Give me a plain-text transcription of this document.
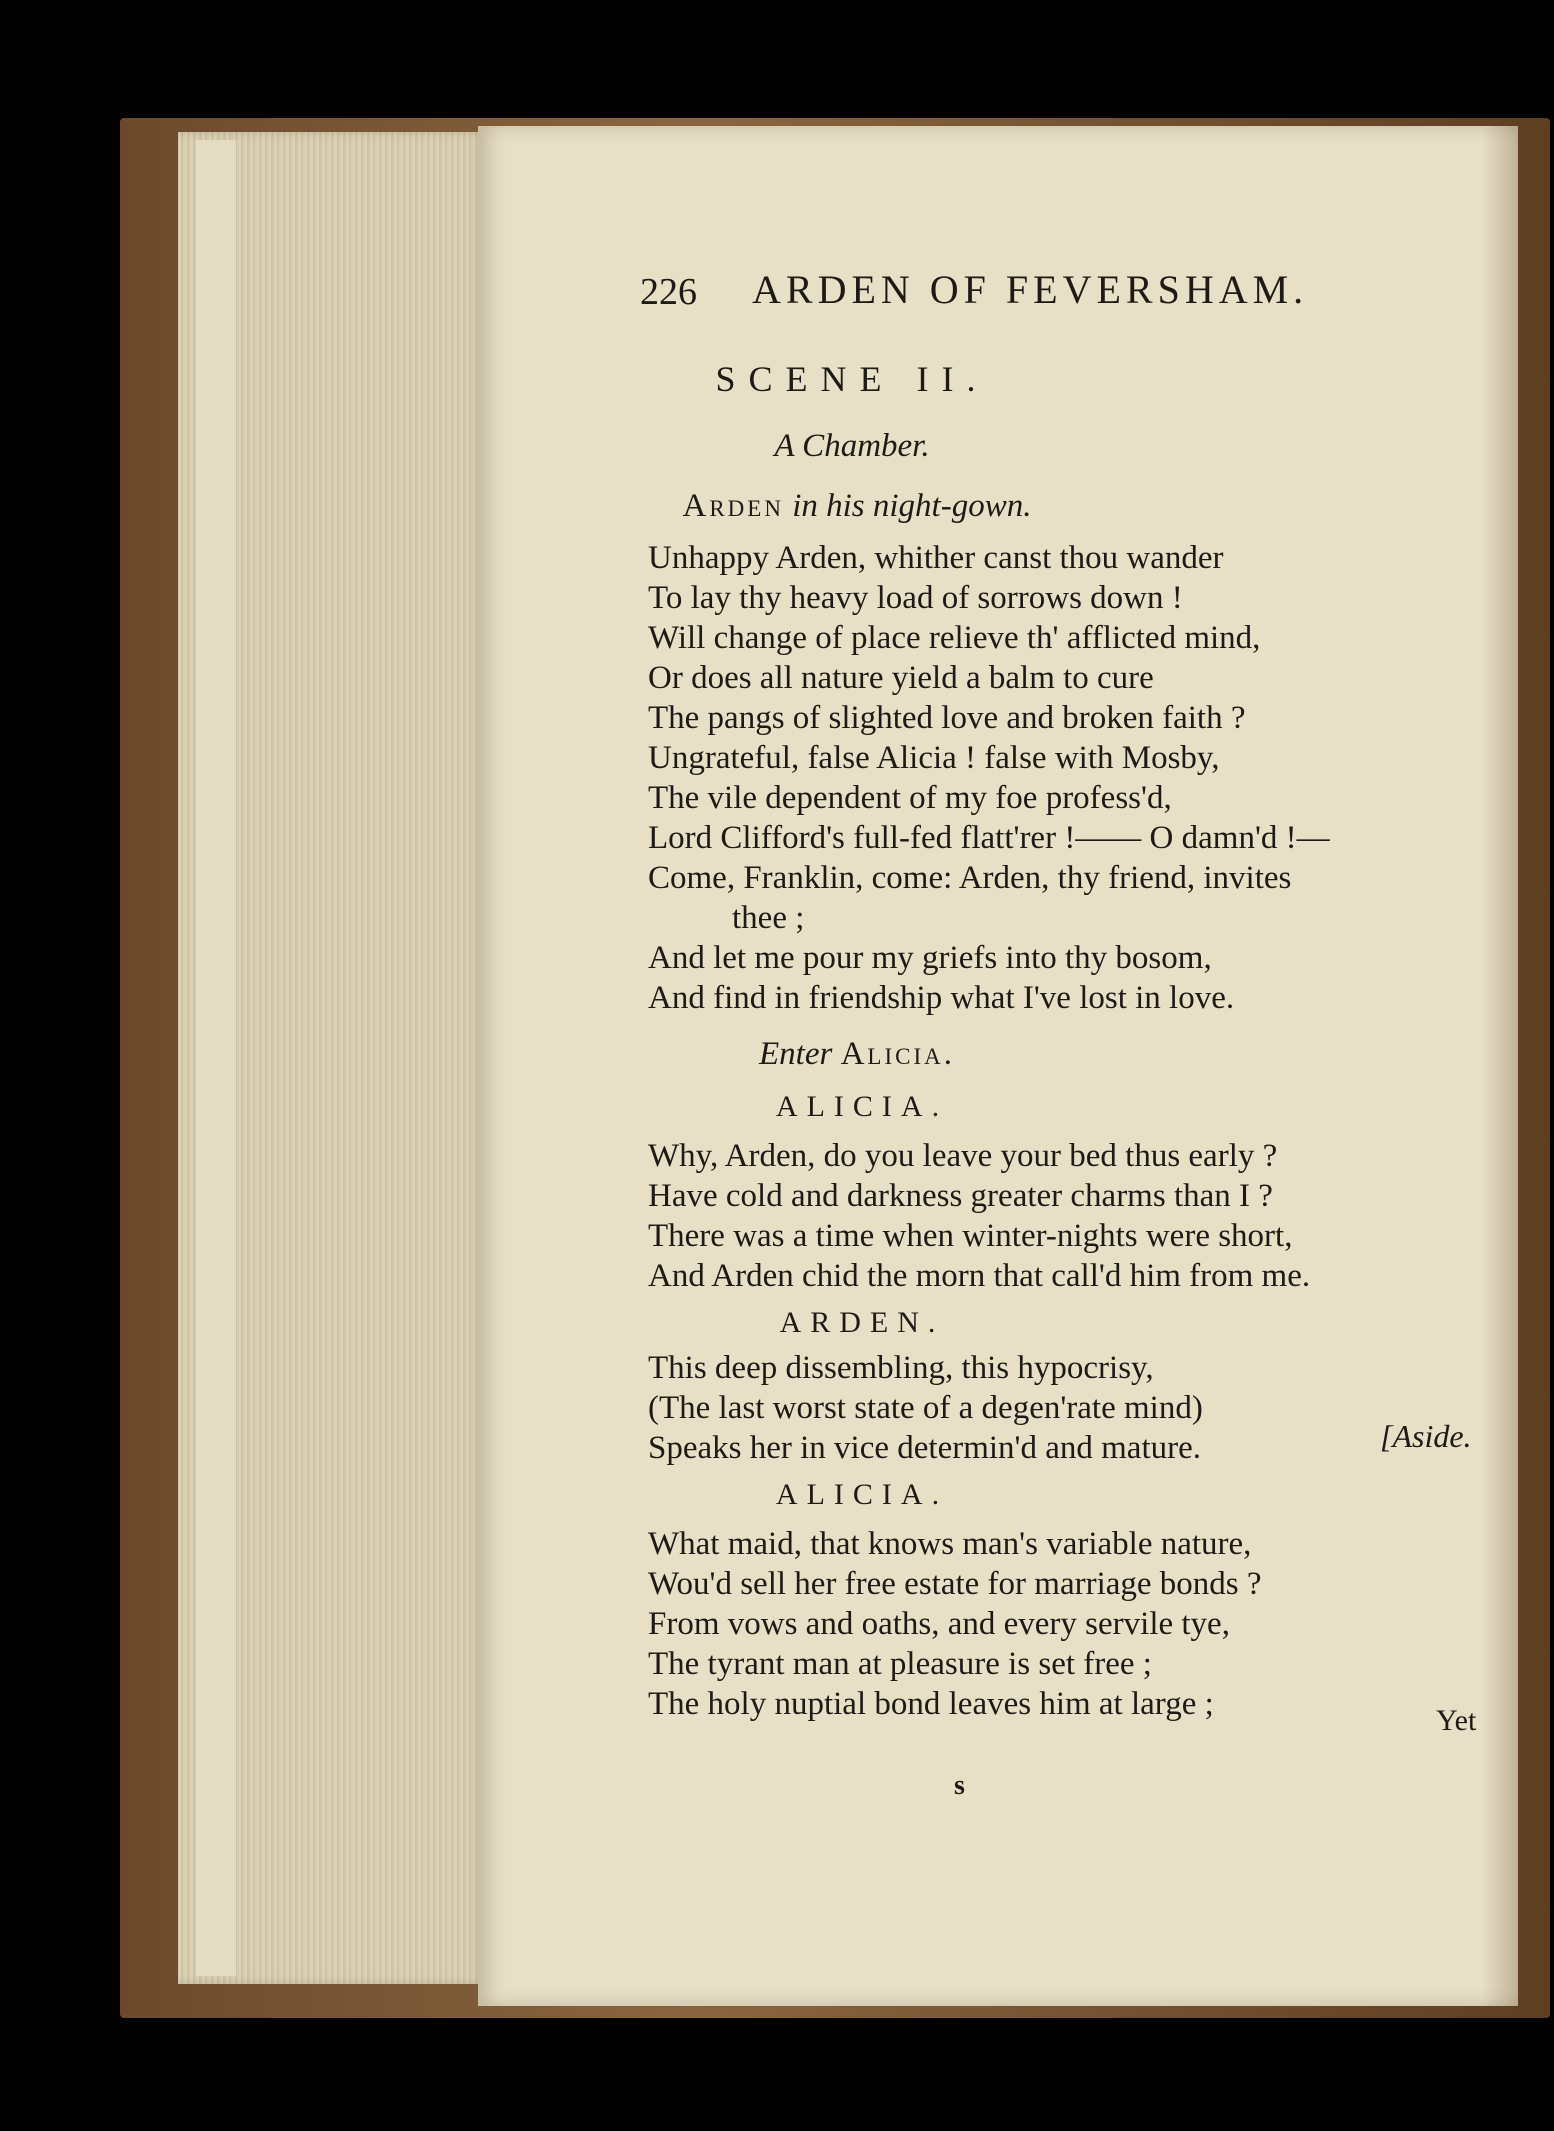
226 ARDEN OF FEVERSHAM.
SCENE II.
A Chamber.
Arden in his night-gown.
Unhappy Arden, whither canst thou wander
To lay thy heavy load of sorrows down !
Will change of place relieve th' afflicted mind,
Or does all nature yield a balm to cure
The pangs of slighted love and broken faith ?
Ungrateful, false Alicia ! false with Mosby,
The vile dependent of my foe profess'd,
Lord Clifford's full-fed flatt'rer !—— O damn'd !—
Come, Franklin, come: Arden, thy friend, invites
thee ;
And let me pour my griefs into thy bosom,
And find in friendship what I've lost in love.
Enter Alicia.
ALICIA.
Why, Arden, do you leave your bed thus early ?
Have cold and darkness greater charms than I ?
There was a time when winter-nights were short,
And Arden chid the morn that call'd him from me.
ARDEN.
This deep dissembling, this hypocrisy,
(The last worst state of a degen'rate mind)
Speaks her in vice determin'd and mature.	[Aside.
ALICIA.
What maid, that knows man's variable nature,
Wou'd sell her free estate for marriage bonds ?
From vows and oaths, and every servile tye,
The tyrant man at pleasure is set free ;
The holy nuptial bond leaves him at large ;	Yet
s
